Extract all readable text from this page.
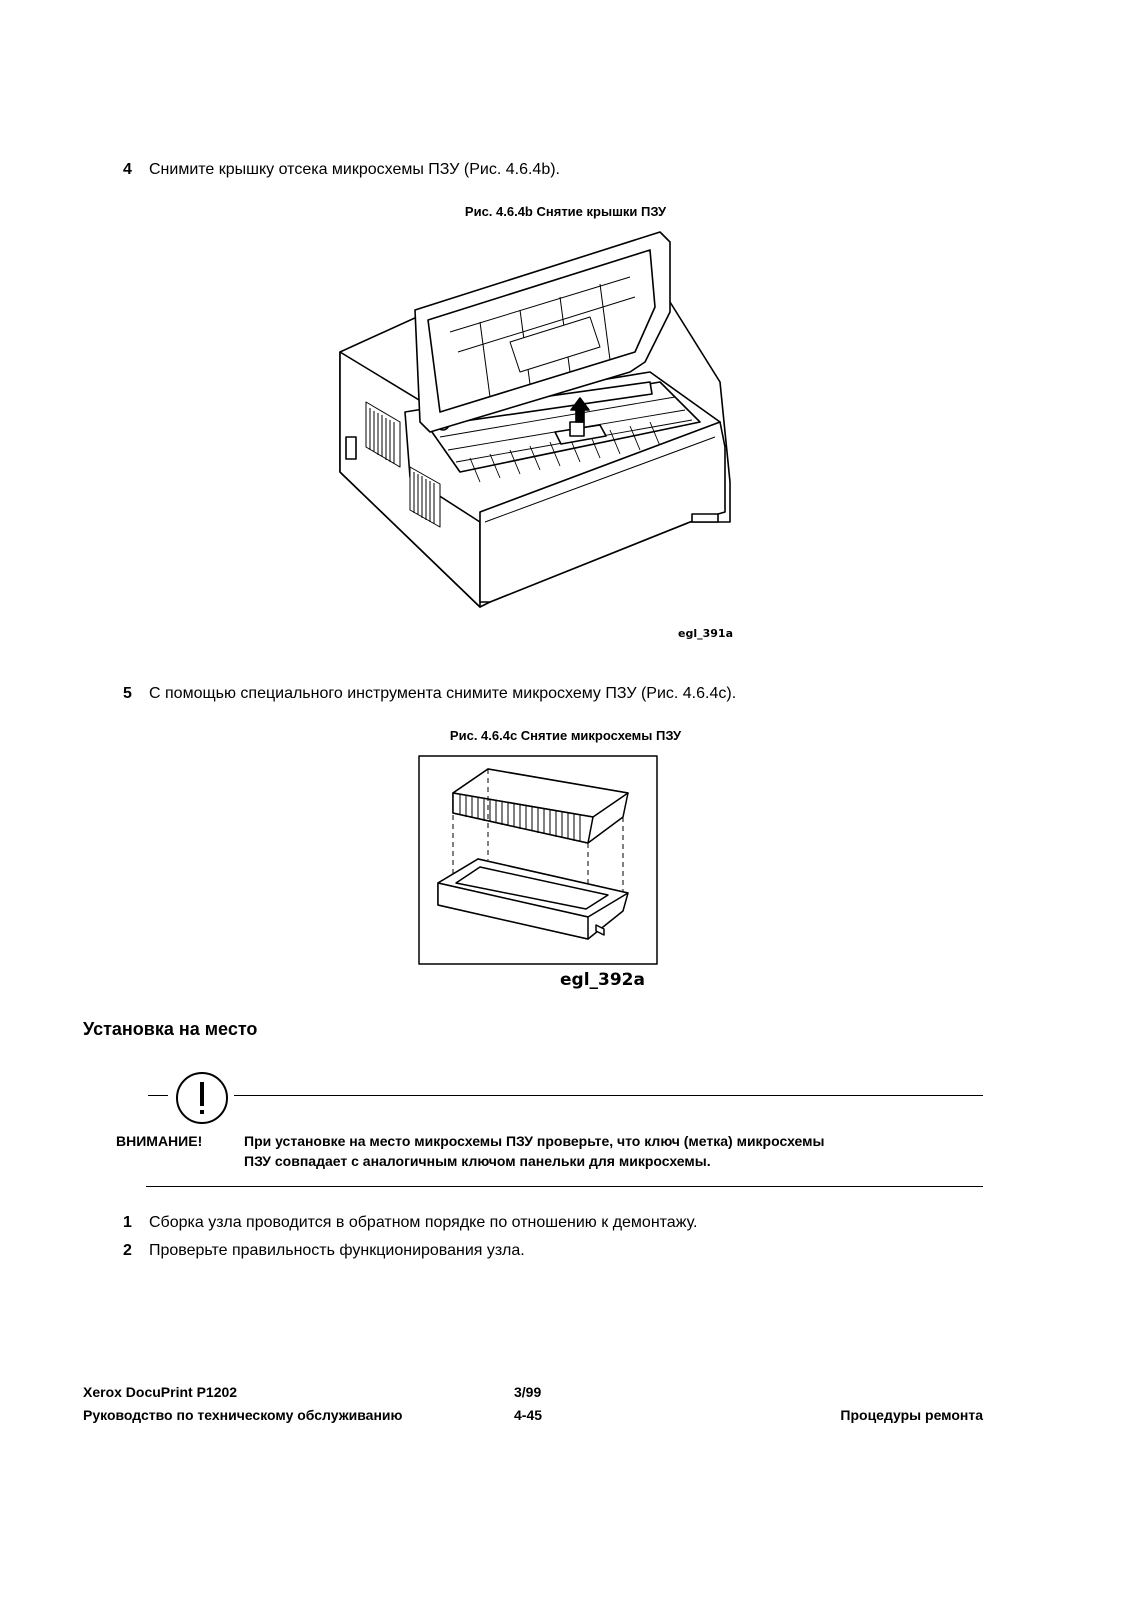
4 Снимите крышку отсека микросхемы ПЗУ (Рис. 4.6.4b).
Рис. 4.6.4b Снятие крышки ПЗУ
egl_391a
5 С помощью специального инструмента снимите микросхему ПЗУ (Рис. 4.6.4c).
Рис. 4.6.4c Снятие микросхемы ПЗУ
egl_392a
Установка на место
ВНИМАНИЕ!	При установке на место микросхемы ПЗУ проверьте, что ключ (метка) микросхемы
ПЗУ совпадает с аналогичным ключом панельки для микросхемы.
1 Сборка узла проводится в обратном порядке по отношению к демонтажу.
2 Проверьте правильность функционирования узла.
Xerox DocuPrint P1202
Руководство по техническому обслуживанию
3/99
4-45	Процедуры ремонта
